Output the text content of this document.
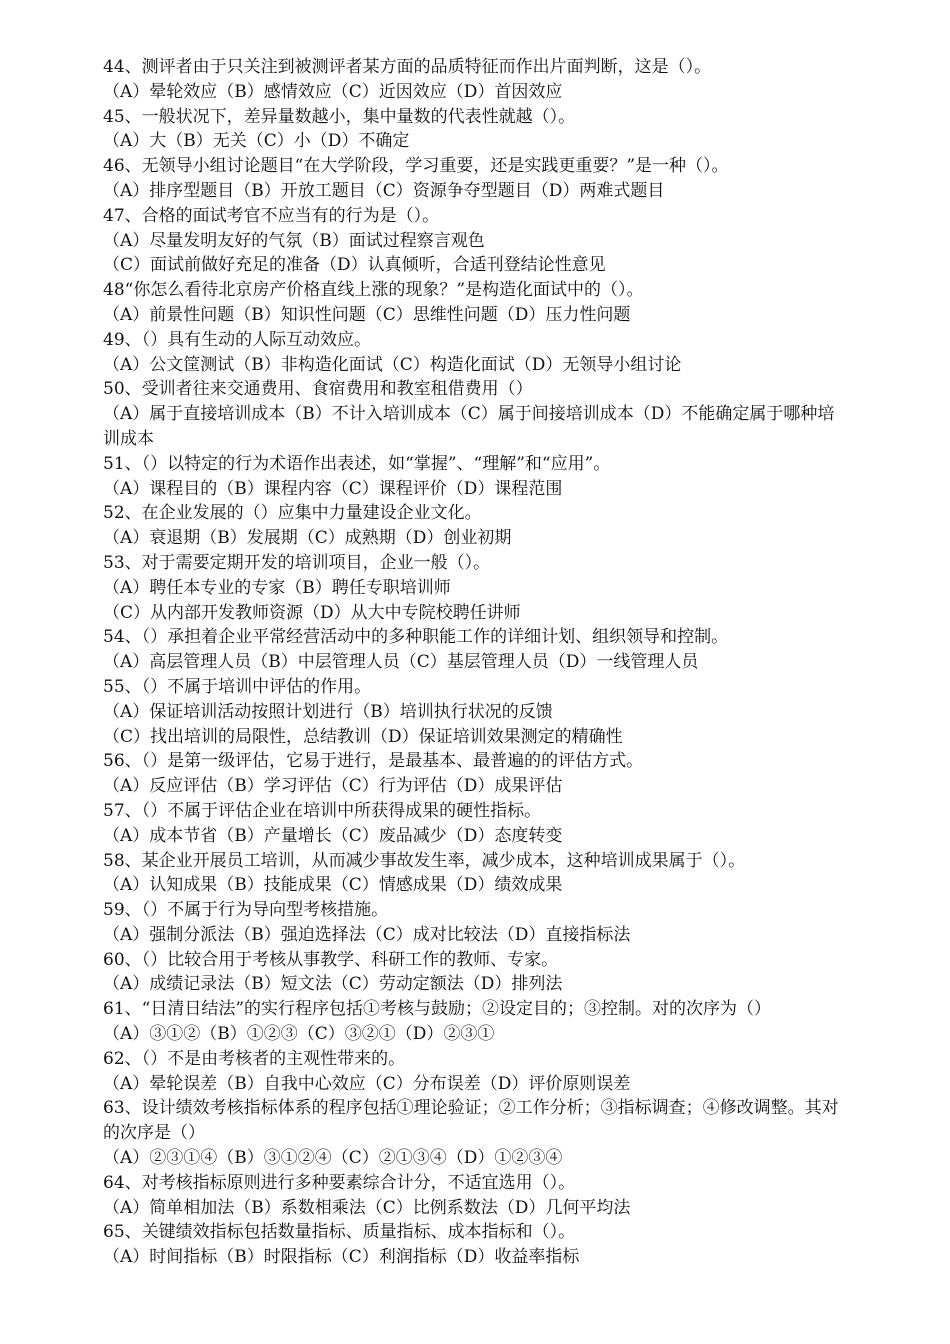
44、测评者由于只关注到被测评者某方面的品质特征而作出片面判断，这是（）。
（A）晕轮效应（B）感情效应（C）近因效应（D）首因效应
45、一般状况下，差异量数越小，集中量数的代表性就越（）。
（A）大（B）无关（C）小（D）不确定
46、无领导小组讨论题目“在大学阶段，学习重要，还是实践更重要？”是一种（）。
（A）排序型题目（B）开放工题目（C）资源争夺型题目（D）两难式题目
47、合格的面试考官不应当有的行为是（）。
（A）尽量发明友好的气氛（B）面试过程察言观色
（C）面试前做好充足的准备（D）认真倾听，合适刊登结论性意见
48“你怎么看待北京房产价格直线上涨的现象？”是构造化面试中的（）。
（A）前景性问题（B）知识性问题（C）思维性问题（D）压力性问题
49、（）具有生动的人际互动效应。
（A）公文筐测试（B）非构造化面试（C）构造化面试（D）无领导小组讨论
50、受训者往来交通费用、食宿费用和教室租借费用（）
（A）属于直接培训成本（B）不计入培训成本（C）属于间接培训成本（D）不能确定属于哪种培训成本
51、（）以特定的行为术语作出表述，如“掌握”、“理解”和“应用”。
（A）课程目的（B）课程内容（C）课程评价（D）课程范围
52、在企业发展的（）应集中力量建设企业文化。
（A）衰退期（B）发展期（C）成熟期（D）创业初期
53、对于需要定期开发的培训项目，企业一般（）。
（A）聘任本专业的专家（B）聘任专职培训师
（C）从内部开发教师资源（D）从大中专院校聘任讲师
54、（）承担着企业平常经营活动中的多种职能工作的详细计划、组织领导和控制。
（A）高层管理人员（B）中层管理人员（C）基层管理人员（D）一线管理人员
55、（）不属于培训中评估的作用。
（A）保证培训活动按照计划进行（B）培训执行状况的反馈
（C）找出培训的局限性，总结教训（D）保证培训效果测定的精确性
56、（）是第一级评估，它易于进行，是最基本、最普遍的的评估方式。
（A）反应评估（B）学习评估（C）行为评估（D）成果评估
57、（）不属于评估企业在培训中所获得成果的硬性指标。
（A）成本节省（B）产量增长（C）废品减少（D）态度转变
58、某企业开展员工培训，从而减少事故发生率，减少成本，这种培训成果属于（）。
（A）认知成果（B）技能成果（C）情感成果（D）绩效成果
59、（）不属于行为导向型考核措施。
（A）强制分派法（B）强迫选择法（C）成对比较法（D）直接指标法
60、（）比较合用于考核从事教学、科研工作的教师、专家。
（A）成绩记录法（B）短文法（C）劳动定额法（D）排列法
61、“日清日结法”的实行程序包括①考核与鼓励；②设定目的；③控制。对的次序为（）
（A）③①②（B）①②③（C）③②①（D）②③①
62、（）不是由考核者的主观性带来的。
（A）晕轮误差（B）自我中心效应（C）分布误差（D）评价原则误差
63、设计绩效考核指标体系的程序包括①理论验证；②工作分析；③指标调查；④修改调整。其对的次序是（）
（A）②③①④（B）③①②④（C）②①③④（D）①②③④
64、对考核指标原则进行多种要素综合计分，不适宜选用（）。
（A）简单相加法（B）系数相乘法（C）比例系数法（D）几何平均法
65、关键绩效指标包括数量指标、质量指标、成本指标和（）。
（A）时间指标（B）时限指标（C）利润指标（D）收益率指标
